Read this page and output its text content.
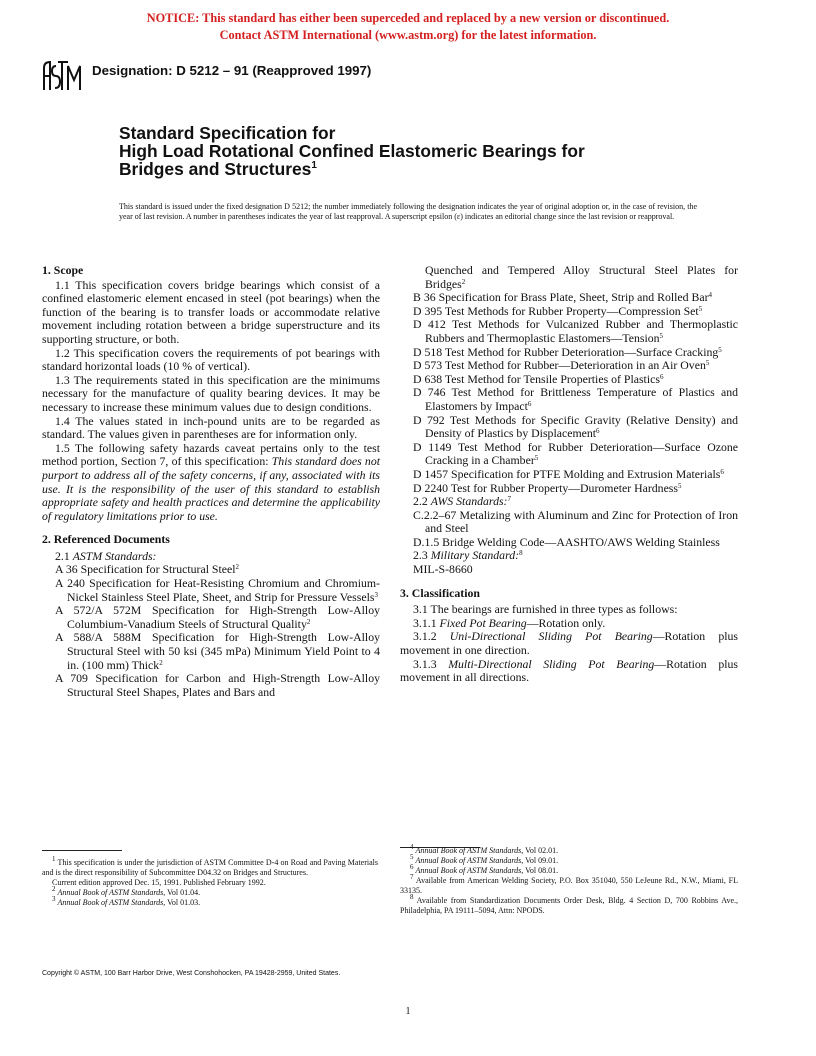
NOTICE: This standard has either been superceded and replaced by a new version or discontinued.
Contact ASTM International (www.astm.org) for the latest information.
Designation: D 5212 – 91 (Reapproved 1997)
Standard Specification for
High Load Rotational Confined Elastomeric Bearings for
Bridges and Structures$^1$
This standard is issued under the fixed designation D 5212; the number immediately following the designation indicates the year of original adoption or, in the case of revision, the year of last revision. A number in parentheses indicates the year of last reapproval. A superscript epsilon (ε) indicates an editorial change since the last revision or reapproval.

1. Scope

1.1 This specification covers bridge bearings which consist of a confined elastomeric element encased in steel (pot bearings) when the function of the bearing is to transfer loads or accommodate relative movement including rotation between a bridge superstructure and its supporting structure, or both.

1.2 This specification covers the requirements of pot bearings with standard horizontal loads (10 % of vertical).

1.3 The requirements stated in this specification are the minimums necessary for the manufacture of quality bearing devices. It may be necessary to increase these minimum values due to design conditions.

1.4 The values stated in inch-pound units are to be regarded as standard. The values given in parentheses are for information only.

1.5 The following safety hazards caveat pertains only to the test method portion, Section 7, of this specification: This standard does not purport to address all of the safety concerns, if any, associated with its use. It is the responsibility of the user of this standard to establish appropriate safety and health practices and determine the applicability of regulatory limitations prior to use.

2. Referenced Documents

2.1 ASTM Standards:

A 36 Specification for Structural Steel$^2$

A 240 Specification for Heat-Resisting Chromium and Chromium-Nickel Stainless Steel Plate, Sheet, and Strip for Pressure Vessels$^3$

A 572/A 572M Specification for High-Strength Low-Alloy Columbium-Vanadium Steels of Structural Quality$^2$

A 588/A 588M Specification for High-Strength Low-Alloy Structural Steel with 50 ksi (345 mPa) Minimum Yield Point to 4 in. (100 mm) Thick$^2$

A 709 Specification for Carbon and High-Strength Low-Alloy Structural Steel Shapes, Plates and Bars and

Quenched and Tempered Alloy Structural Steel Plates for Bridges$^2$

B 36 Specification for Brass Plate, Sheet, Strip and Rolled Bar$^4$

D 395 Test Methods for Rubber Property—Compression Set$^5$

D 412 Test Methods for Vulcanized Rubber and Thermoplastic Rubbers and Thermoplastic Elastomers—Tension$^5$

D 518 Test Method for Rubber Deterioration—Surface Cracking$^5$

D 573 Test Method for Rubber—Deterioration in an Air Oven$^5$

D 638 Test Method for Tensile Properties of Plastics$^6$

D 746 Test Method for Brittleness Temperature of Plastics and Elastomers by Impact$^6$

D 792 Test Methods for Specific Gravity (Relative Density) and Density of Plastics by Displacement$^6$

D 1149 Test Method for Rubber Deterioration—Surface Ozone Cracking in a Chamber$^5$

D 1457 Specification for PTFE Molding and Extrusion Materials$^6$

D 2240 Test for Rubber Property—Durometer Hardness$^5$

2.2 AWS Standards:$^7$

C.2.2–67 Metalizing with Aluminum and Zinc for Protection of Iron and Steel

D.1.5 Bridge Welding Code—AASHTO/AWS Welding Stainless

2.3 Military Standard:$^8$

MIL-S-8660

3. Classification

3.1 The bearings are furnished in three types as follows:

3.1.1 Fixed Pot Bearing—Rotation only.

3.1.2 Uni-Directional Sliding Pot Bearing—Rotation plus movement in one direction.

3.1.3 Multi-Directional Sliding Pot Bearing—Rotation plus movement in all directions.

$^1$ This specification is under the jurisdiction of ASTM Committee D-4 on Road and Paving Materials and is the direct responsibility of Subcommittee D04.32 on Bridges and Structures.

Current edition approved Dec. 15, 1991. Published February 1992.

$^2$ Annual Book of ASTM Standards, Vol 01.04.

$^3$ Annual Book of ASTM Standards, Vol 01.03.

$^4$ Annual Book of ASTM Standards, Vol 02.01.

$^5$ Annual Book of ASTM Standards, Vol 09.01.

$^6$ Annual Book of ASTM Standards, Vol 08.01.

$^7$ Available from American Welding Society, P.O. Box 351040, 550 LeJeune Rd., N.W., Miami, FL 33135.

$^8$ Available from Standardization Documents Order Desk, Bldg. 4 Section D, 700 Robbins Ave., Philadelphia, PA 19111–5094, Attn: NPODS.

Copyright © ASTM, 100 Barr Harbor Drive, West Conshohocken, PA 19428-2959, United States.
1
